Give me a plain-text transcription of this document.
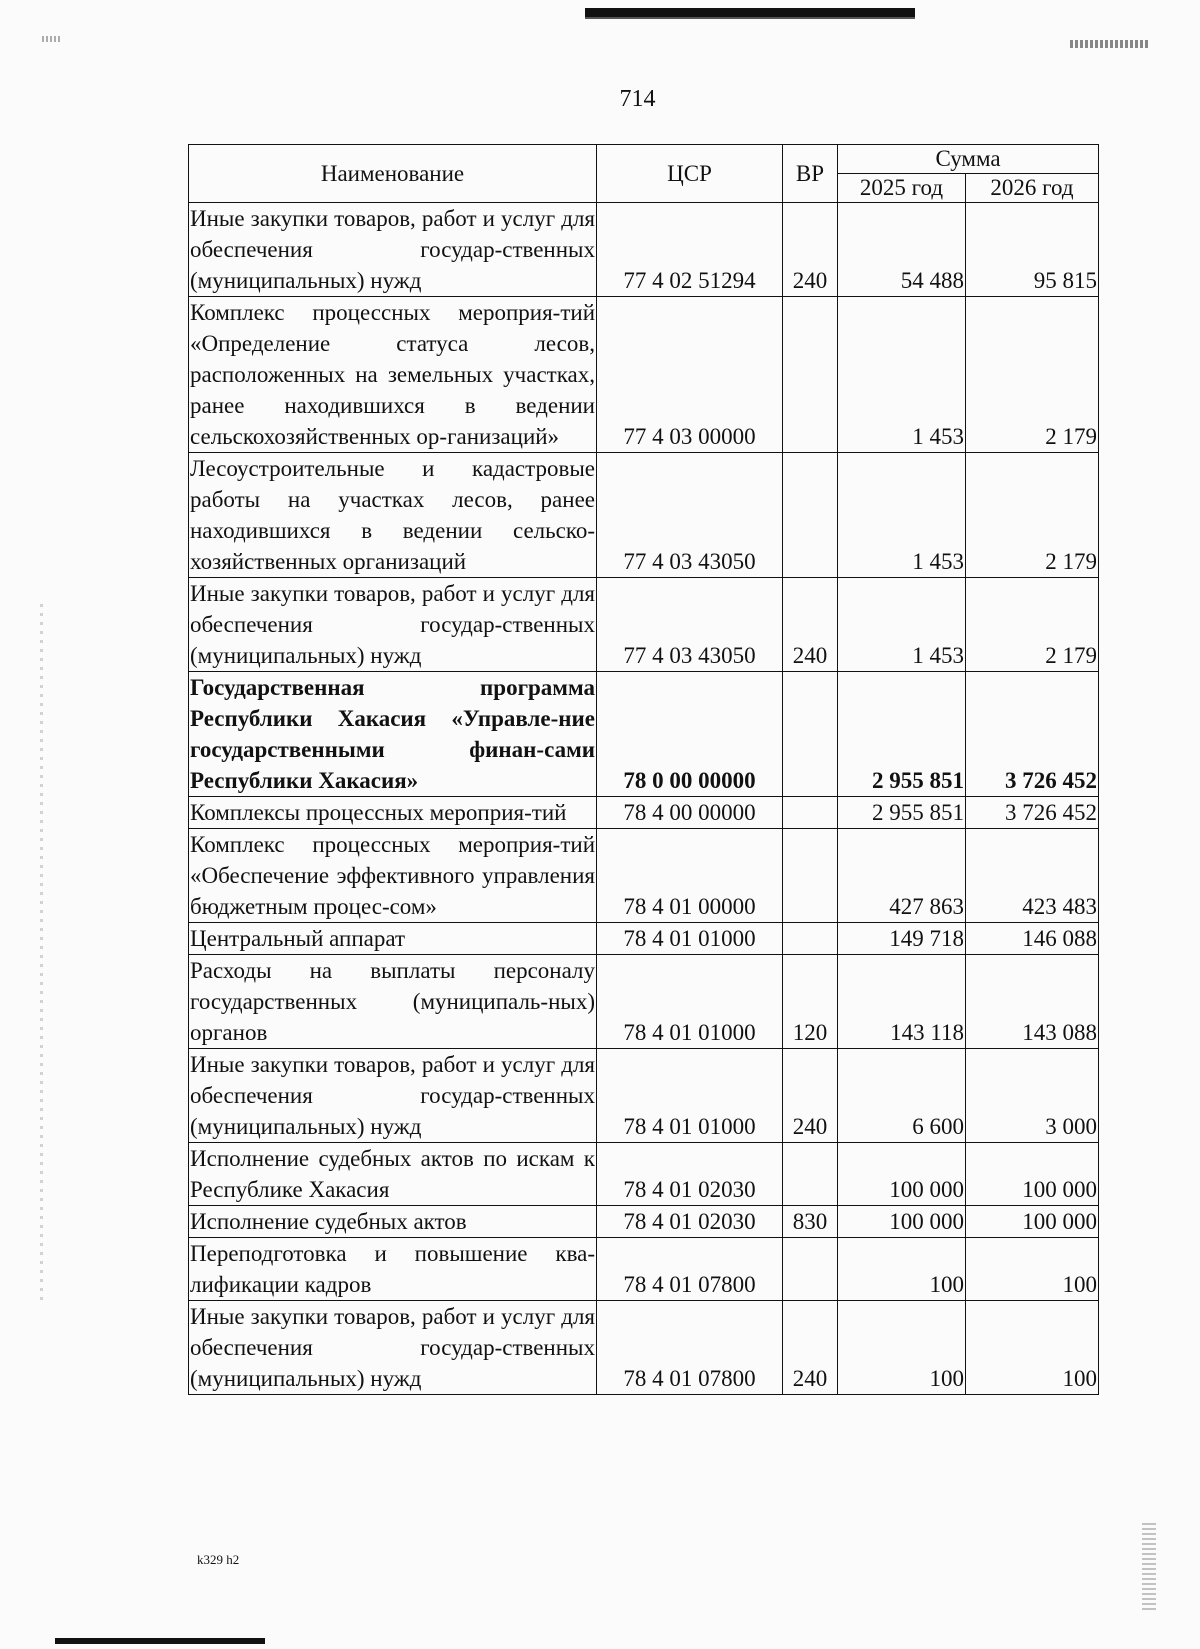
714
Наименование	ЦСР	ВР	Сумма	
			2025 год	2026 год
Иные закупки товаров, работ и услуг для обеспечения государ-ственных (муниципальных) нужд	77 4 02 51294	240	54 488	95 815
Комплекс процессных мероприя-тий «Определение статуса лесов, расположенных на земельных участках, ранее находившихся в ведении сельскохозяйственных ор-ганизаций»	77 4 03 00000		1 453	2 179
Лесоустроительные и кадастровые работы на участках лесов, ранее находившихся в ведении сельско-хозяйственных организаций	77 4 03 43050		1 453	2 179
Иные закупки товаров, работ и услуг для обеспечения государ-ственных (муниципальных) нужд	77 4 03 43050	240	1 453	2 179
Государственная программа Республики Хакасия «Управле-ние государственными финан-сами Республики Хакасия»	78 0 00 00000		2 955 851	3 726 452
Комплексы процессных мероприя-тий	78 4 00 00000		2 955 851	3 726 452
Комплекс процессных мероприя-тий «Обеспечение эффективного управления бюджетным процес-сом»	78 4 01 00000		427 863	423 483
Центральный аппарат	78 4 01 01000		149 718	146 088
Расходы на выплаты персоналу государственных (муниципаль-ных) органов	78 4 01 01000	120	143 118	143 088
Иные закупки товаров, работ и услуг для обеспечения государ-ственных (муниципальных) нужд	78 4 01 01000	240	6 600	3 000
Исполнение судебных актов по искам к Республике Хакасия	78 4 01 02030		100 000	100 000
Исполнение судебных актов	78 4 01 02030	830	100 000	100 000
Переподготовка и повышение ква-лификации кадров	78 4 01 07800		100	100
Иные закупки товаров, работ и услуг для обеспечения государ-ственных (муниципальных) нужд	78 4 01 07800	240	100	100
k329 h2
